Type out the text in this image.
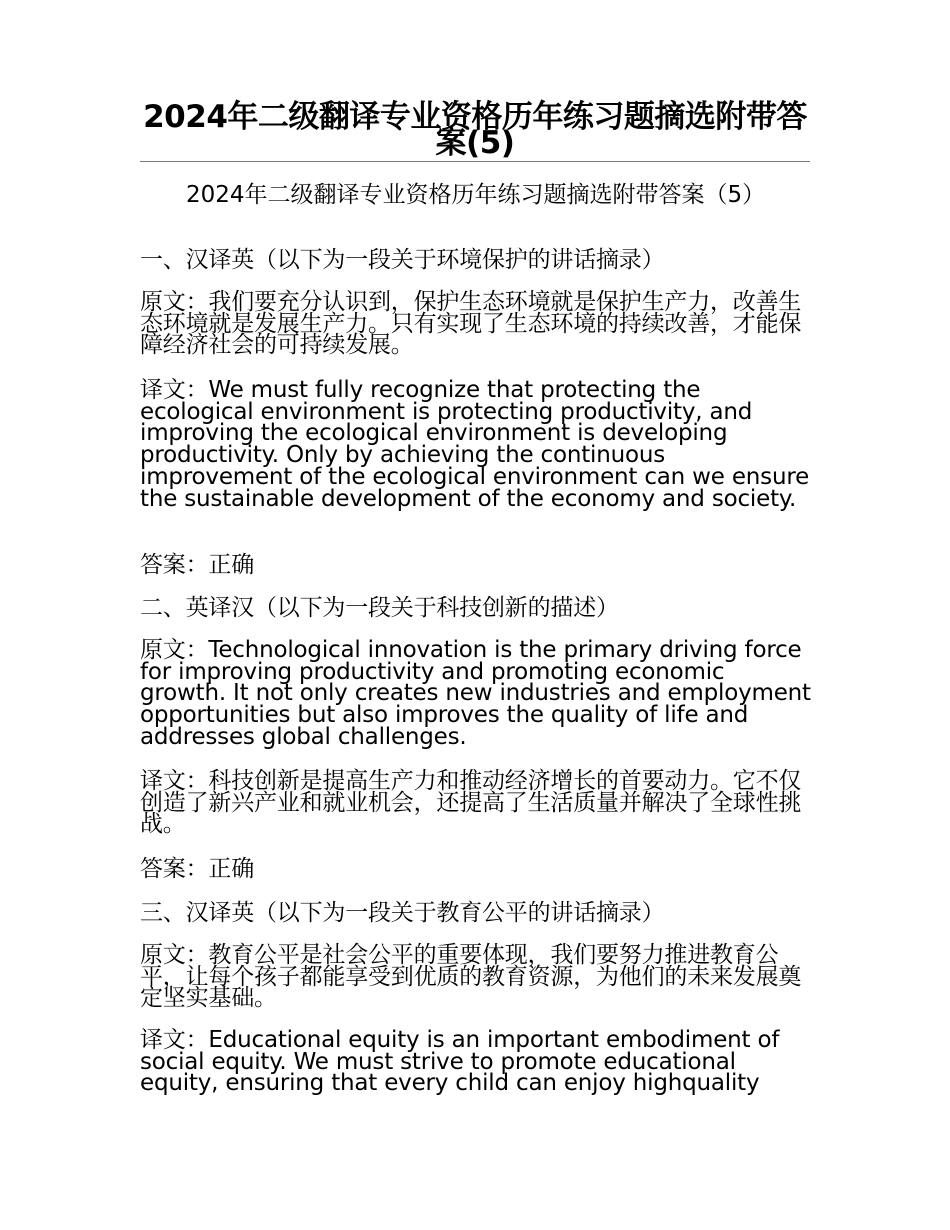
2024年二级翻译专业资格历年练习题摘选附带答案(5)
2024年二级翻译专业资格历年练习题摘选附带答案（5）
一、汉译英（以下为一段关于环境保护的讲话摘录）
原文：我们要充分认识到，保护生态环境就是保护生产力，改善生态环境就是发展生产力。只有实现了生态环境的持续改善，才能保障经济社会的可持续发展。
译文：We must fully recognize that protecting the ecological environment is protecting productivity, and improving the ecological environment is developing productivity. Only by achieving the continuous improvement of the ecological environment can we ensure the sustainable development of the economy and society.
答案：正确
二、英译汉（以下为一段关于科技创新的描述）
原文：Technological innovation is the primary driving force for improving productivity and promoting economic growth. It not only creates new industries and employment opportunities but also improves the quality of life and addresses global challenges.
译文：科技创新是提高生产力和推动经济增长的首要动力。它不仅创造了新兴产业和就业机会，还提高了生活质量并解决了全球性挑战。
答案：正确
三、汉译英（以下为一段关于教育公平的讲话摘录）
原文：教育公平是社会公平的重要体现，我们要努力推进教育公平，让每个孩子都能享受到优质的教育资源，为他们的未来发展奠定坚实基础。
译文：Educational equity is an important embodiment of social equity. We must strive to promote educational equity, ensuring that every child can enjoy highquality
